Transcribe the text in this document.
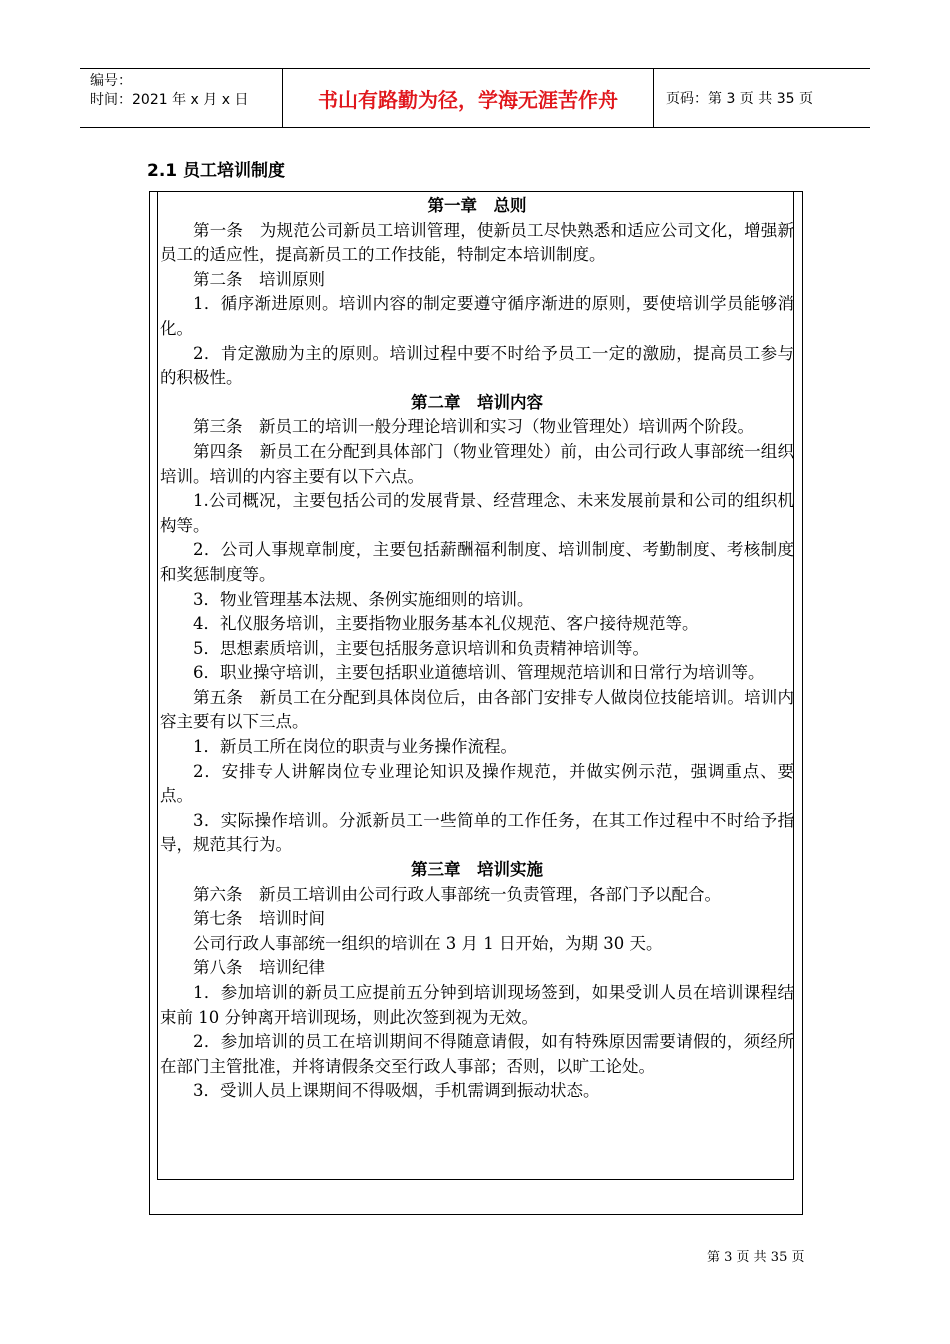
编号：
时间：2021 年 x 月 x 日	书山有路勤为径，学海无涯苦作舟	页码：第 3 页 共 35 页
2.1 员工培训制度
第一章　总则

第一条　为规范公司新员工培训管理，使新员工尽快熟悉和适应公司文化，增强新员工的适应性，提高新员工的工作技能，特制定本培训制度。

第二条　培训原则

1．循序渐进原则。培训内容的制定要遵守循序渐进的原则，要使培训学员能够消化。

2．肯定激励为主的原则。培训过程中要不时给予员工一定的激励，提高员工参与的积极性。

第二章　培训内容

第三条　新员工的培训一般分理论培训和实习（物业管理处）培训两个阶段。

第四条　新员工在分配到具体部门（物业管理处）前，由公司行政人事部统一组织培训。培训的内容主要有以下六点。

1.公司概况，主要包括公司的发展背景、经营理念、未来发展前景和公司的组织机构等。

2．公司人事规章制度，主要包括薪酬福利制度、培训制度、考勤制度、考核制度和奖惩制度等。

3．物业管理基本法规、条例实施细则的培训。

4．礼仪服务培训，主要指物业服务基本礼仪规范、客户接待规范等。

5．思想素质培训，主要包括服务意识培训和负责精神培训等。

6．职业操守培训，主要包括职业道德培训、管理规范培训和日常行为培训等。

第五条　新员工在分配到具体岗位后，由各部门安排专人做岗位技能培训。培训内容主要有以下三点。

1．新员工所在岗位的职责与业务操作流程。

2．安排专人讲解岗位专业理论知识及操作规范，并做实例示范，强调重点、要点。

3．实际操作培训。分派新员工一些简单的工作任务，在其工作过程中不时给予指导，规范其行为。

第三章　培训实施

第六条　新员工培训由公司行政人事部统一负责管理，各部门予以配合。

第七条　培训时间

公司行政人事部统一组织的培训在 3 月 1 日开始，为期 30 天。

第八条　培训纪律

1．参加培训的新员工应提前五分钟到培训现场签到，如果受训人员在培训课程结束前 10 分钟离开培训现场，则此次签到视为无效。

2．参加培训的员工在培训期间不得随意请假，如有特殊原因需要请假的，须经所在部门主管批准，并将请假条交至行政人事部；否则，以旷工论处。

3．受训人员上课期间不得吸烟，手机需调到振动状态。

第 3 页 共 35 页
